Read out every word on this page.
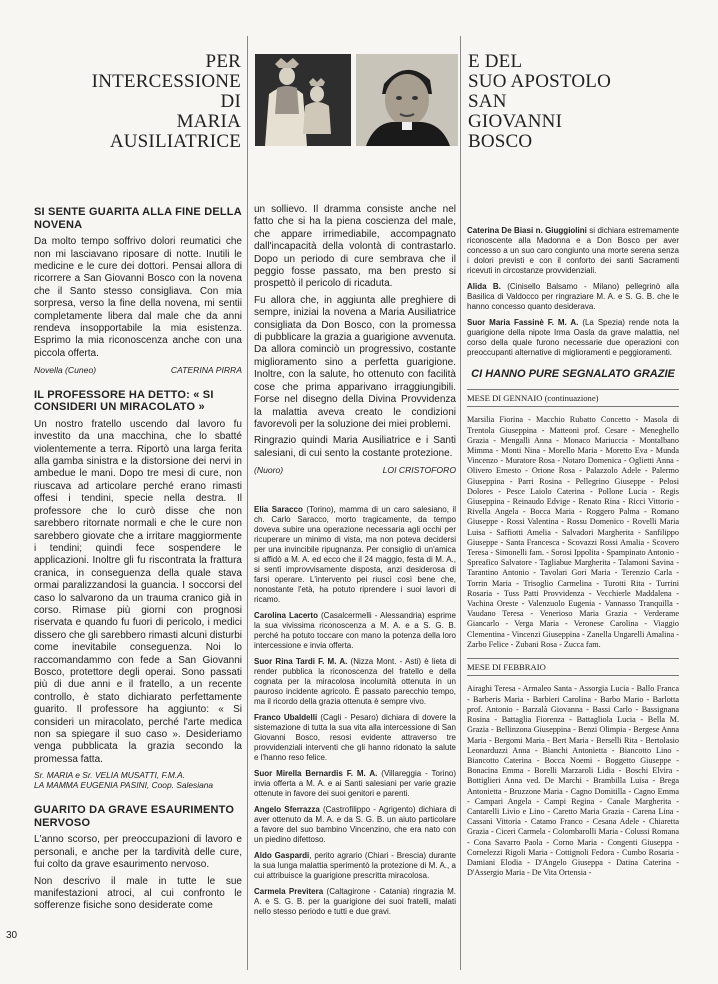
PER
INTERCESSIONE
DI
MARIA
AUSILIATRICE
E DEL
SUO APOSTOLO
SAN
GIOVANNI
BOSCO
SI SENTE GUARITA ALLA FINE DELLA NOVENA

Da molto tempo soffrivo dolori reumatici che non mi lasciavano riposare di notte. Inutili le medicine e le cure dei dottori. Pensai allora di ricorrere a San Giovanni Bosco con la novena che il Santo stesso consigliava. Con mia sorpresa, verso la fine della novena, mi sentii completamente libera dal male che da anni rendeva insopportabile la mia esistenza. Esprimo la mia riconoscenza anche con una piccola offerta.

Novella (Cuneo)	CATERINA PIRRA
IL PROFESSORE HA DETTO: « SI CONSIDERI UN MIRACOLATO »

Un nostro fratello uscendo dal lavoro fu investito da una macchina, che lo sbatté violentemente a terra. Riportò una larga ferita alla gamba sinistra e la distorsione dei nervi in ambedue le mani. Dopo tre mesi di cure, non riuscava ad articolare perché erano rimasti offesi i tendini, specie nella destra. Il professore che lo curò disse che non sarebbero ritornate normali e che le cure non sarebbero giovate che a irritare maggiormente i tendini; quindi fece sospendere le applicazioni. Inoltre gli fu riscontrata la frattura cranica, in conseguenza della quale stava ormai paralizzandosi la guancia. I soccorsi del caso lo salvarono da un trauma cranico già in corso. Rimase più giorni con prognosi riservata e quando fu fuori di pericolo, i medici dissero che gli sarebbero rimasti alcuni disturbi come inevitabile conseguenza. Noi lo raccomandammo con fede a San Giovanni Bosco, protettore degli operai. Sono passati più di due anni e il fratello, a un recente controllo, è stato dichiarato perfettamente guarito. Il professore ha aggiunto: « Si consideri un miracolato, perché l'arte medica non sa spiegare il suo caso ». Desideriamo venga pubblicata la grazia secondo la promessa fatta.

Sr. MARIA e Sr. VELIA MUSATTI, F.M.A.
LA MAMMA EUGENIA PASINI, Coop. Salesiana
GUARITO DA GRAVE ESAURIMENTO NERVOSO

L'anno scorso, per preoccupazioni di lavoro e personali, e anche per la tardività delle cure, fui colto da grave esaurimento nervoso.

Non descrivo il male in tutte le sue manifestazioni atroci, al cui confronto le sofferenze fisiche sono desiderate come

un sollievo. Il dramma consiste anche nel fatto che si ha la piena coscienza del male, che appare irrimediabile, accompagnato dall'incapacità della volontà di contrastarlo. Dopo un periodo di cure sembrava che il peggio fosse passato, ma ben presto si prospettò il pericolo di ricaduta.

Fu allora che, in aggiunta alle preghiere di sempre, iniziai la novena a Maria Ausiliatrice consigliata da Don Bosco, con la promessa di pubblicare la grazia a guarigione avvenuta. Da allora cominciò un progressivo, costante miglioramento sino a perfetta guarigione. Inoltre, con la salute, ho ottenuto con facilità cose che prima apparivano irraggiungibili. Forse nel disegno della Divina Provvidenza la malattia aveva creato le condizioni favorevoli per la soluzione dei miei problemi.

Ringrazio quindi Maria Ausiliatrice e i Santi salesiani, di cui sento la costante protezione.

(Nuoro)	LOI CRISTOFORO

Elia Saracco (Torino), mamma di un caro salesiano, il ch. Carlo Saracco, morto tragicamente, da tempo doveva subire una operazione necessaria agli occhi per ricuperare un minimo di vista, ma non poteva decidersi per una invincibile ripugnanza. Per consiglio di un'amica si affidò a M. A. ed ecco che il 24 maggio, festa di M. A., si sentì improvvisamente disposta, anzi desiderosa di farsi operare. L'intervento pei riuscì così bene che, nonostante l'età, ha potuto riprendere i suoi lavori di ricamo.

Carolina Lacerto (Casalcermelli - Alessandria) esprime la sua vivissima riconoscenza a M. A. e a S. G. B. perché ha potuto toccare con mano la potenza della loro intercessione e invia offerta.

Suor Rina Tardi F. M. A. (Nizza Mont. - Asti) è lieta di render pubblica la riconoscenza del fratello e della cognata per la miracolosa incolumità ottenuta in un pauroso incidente agricolo. È passato parecchio tempo, ma il ricordo della grazia ottenuta è sempre vivo.

Franco Ubaldelli (Cagli - Pesaro) dichiara di dovere la sistemazione di tutta la sua vita alla intercessione di San Giovanni Bosco, resosi evidente attraverso tre provvidenziali interventi che gli hanno ridonato la salute e l'hanno reso felice.

Suor Mirella Bernardis F. M. A. (Villareggia - Torino) invia offerta a M. A. e ai Santi salesiani per varie grazie ottenute in favore dei suoi genitori e parenti.

Angelo Sferrazza (Castrofilippo - Agrigento) dichiara di aver ottenuto da M. A. e da S. G. B. un aiuto particolare a favore del suo bambino Vincenzino, che era nato con un piedino difettoso.

Aldo Gaspardi, perito agrario (Chiari - Brescia) durante la sua lunga malattia sperimentò la protezione di M. A., a cui attribuisce la guarigione prescritta miracolosa.

Carmela Previtera (Caltagirone - Catania) ringrazia M. A. e S. G. B. per la guarigione dei suoi fratelli, malati nello stesso periodo e tutti e due gravi.

Caterina De Biasi n. Giuggiolini si dichiara estremamente riconoscente alla Madonna e a Don Bosco per aver concesso a un suo caro congiunto una morte serena senza i dolori previsti e con il conforto dei santi Sacramenti ricevuti in circostanze provvidenziali.

Alida B. (Cinisello Balsamo - Milano) pellegrinò alla Basilica di Valdocco per ringraziare M. A. e S. G. B. che le hanno concesso quanto desiderava.

Suor Maria Fassinè F. M. A. (La Spezia) rende nota la guarigione della nipote Irma Oasla da grave malattia, nel corso della quale furono necessarie due operazioni con preoccupanti alternative di miglioramenti e peggioramenti.

CI HANNO PURE SEGNALATO GRAZIE
MESE DI GENNAIO (continuazione)
Marsilia Fiorina - Macchio Rubatto Concetto - Masola di Trentola Giuseppina - Matteoni prof. Cesare - Meneghello Grazia - Mengalli Anna - Monaco Mariuccia - Montalbano Mimma - Monti Nina - Morello Maria - Moretto Eva - Munda Vincenzo - Muratore Rosa - Notaro Domenica - Oglietti Anna - Olivero Ernesto - Orione Rosa - Palazzolo Adele - Palermo Giuseppina - Parri Rosina - Pellegrino Giuseppe - Pelosi Dolores - Pesce Laiolo Caterina - Pollone Lucia - Regis Giuseppina - Reinaudo Edvige - Renato Rina - Ricci Vittorio - Rivella Angela - Bocca Maria - Roggero Palma - Romano Giuseppe - Rossi Valentina - Rossu Domenico - Rovelli Maria Luisa - Saffiotti Amelia - Salvadori Margherita - Sanfilippo Giuseppe - Santa Francesca - Scovazzi Rossi Amalia - Scovero Teresa - Simonelli fam. - Sorosi Ippolita - Spampinato Antonio - Spreafico Salvatore - Tagliabue Margherita - Talamoni Savina - Tarantino Antonio - Tavolari Gori Maria - Terenzio Carla - Torrin Maria - Trisoglio Carmelina - Turotti Rita - Turrini Rosaria - Tuss Patti Provvidenza - Vecchierle Maddalena - Vachina Oreste - Valenzuolo Eugenia - Vannasso Tranquilla - Vaudano Teresa - Venerioso Maria Grazia - Verderame Giancarlo - Verga Maria - Veronese Carolina - Viaggio Clementina - Vincenzi Giuseppina - Zanella Ungarelli Amalina - Zarbo Felice - Zubani Rosa - Zucca fam.
MESE DI FEBBRAIO
Airaghi Teresa - Armaleo Santa - Assorgia Lucia - Ballo Franca - Barberis Maria - Barbieri Carolina - Barbo Mario - Barlotta prof. Antonio - Barzalà Giovanna - Bassi Carlo - Bassignana Rosina - Battaglia Fiorenza - Battagliola Lucia - Bella M. Grazia - Bellinzona Giuseppina - Benzi Olimpia - Bergese Anna Maria - Bergomi Maria - Bert Maria - Berselli Rita - Bertolasio Leonarduzzi Anna - Bianchi Antonietta - Biancotto Lino - Biancotto Caterina - Bocca Noemi - Boggetto Giuseppe - Bonacina Emma - Borelli Marzaroli Lidia - Boschi Elvira - Bottiglieri Anna ved. De Marchi - Brambilla Luisa - Brega Antonietta - Bruzzone Maria - Cagno Domitilla - Cagno Emma - Campari Angela - Campi Regina - Canale Margherita - Cantarelli Livio e Lino - Caretto Maria Grazia - Carena Lina - Cassani Vittoria - Catamo Franco - Cesana Adele - Chiaretta Grazia - Ciceri Carmela - Colombarolli Maria - Colussi Romana - Cona Savarro Paola - Corno Maria - Congenti Giuseppa - Cornelezzi Rigoli Maria - Cottignoli Fedora - Cumbo Rosaria - Damiani Elodia - D'Angelo Giuseppa - Datina Caterina - D'Assergio Maria - De Vita Ortensia -
30
